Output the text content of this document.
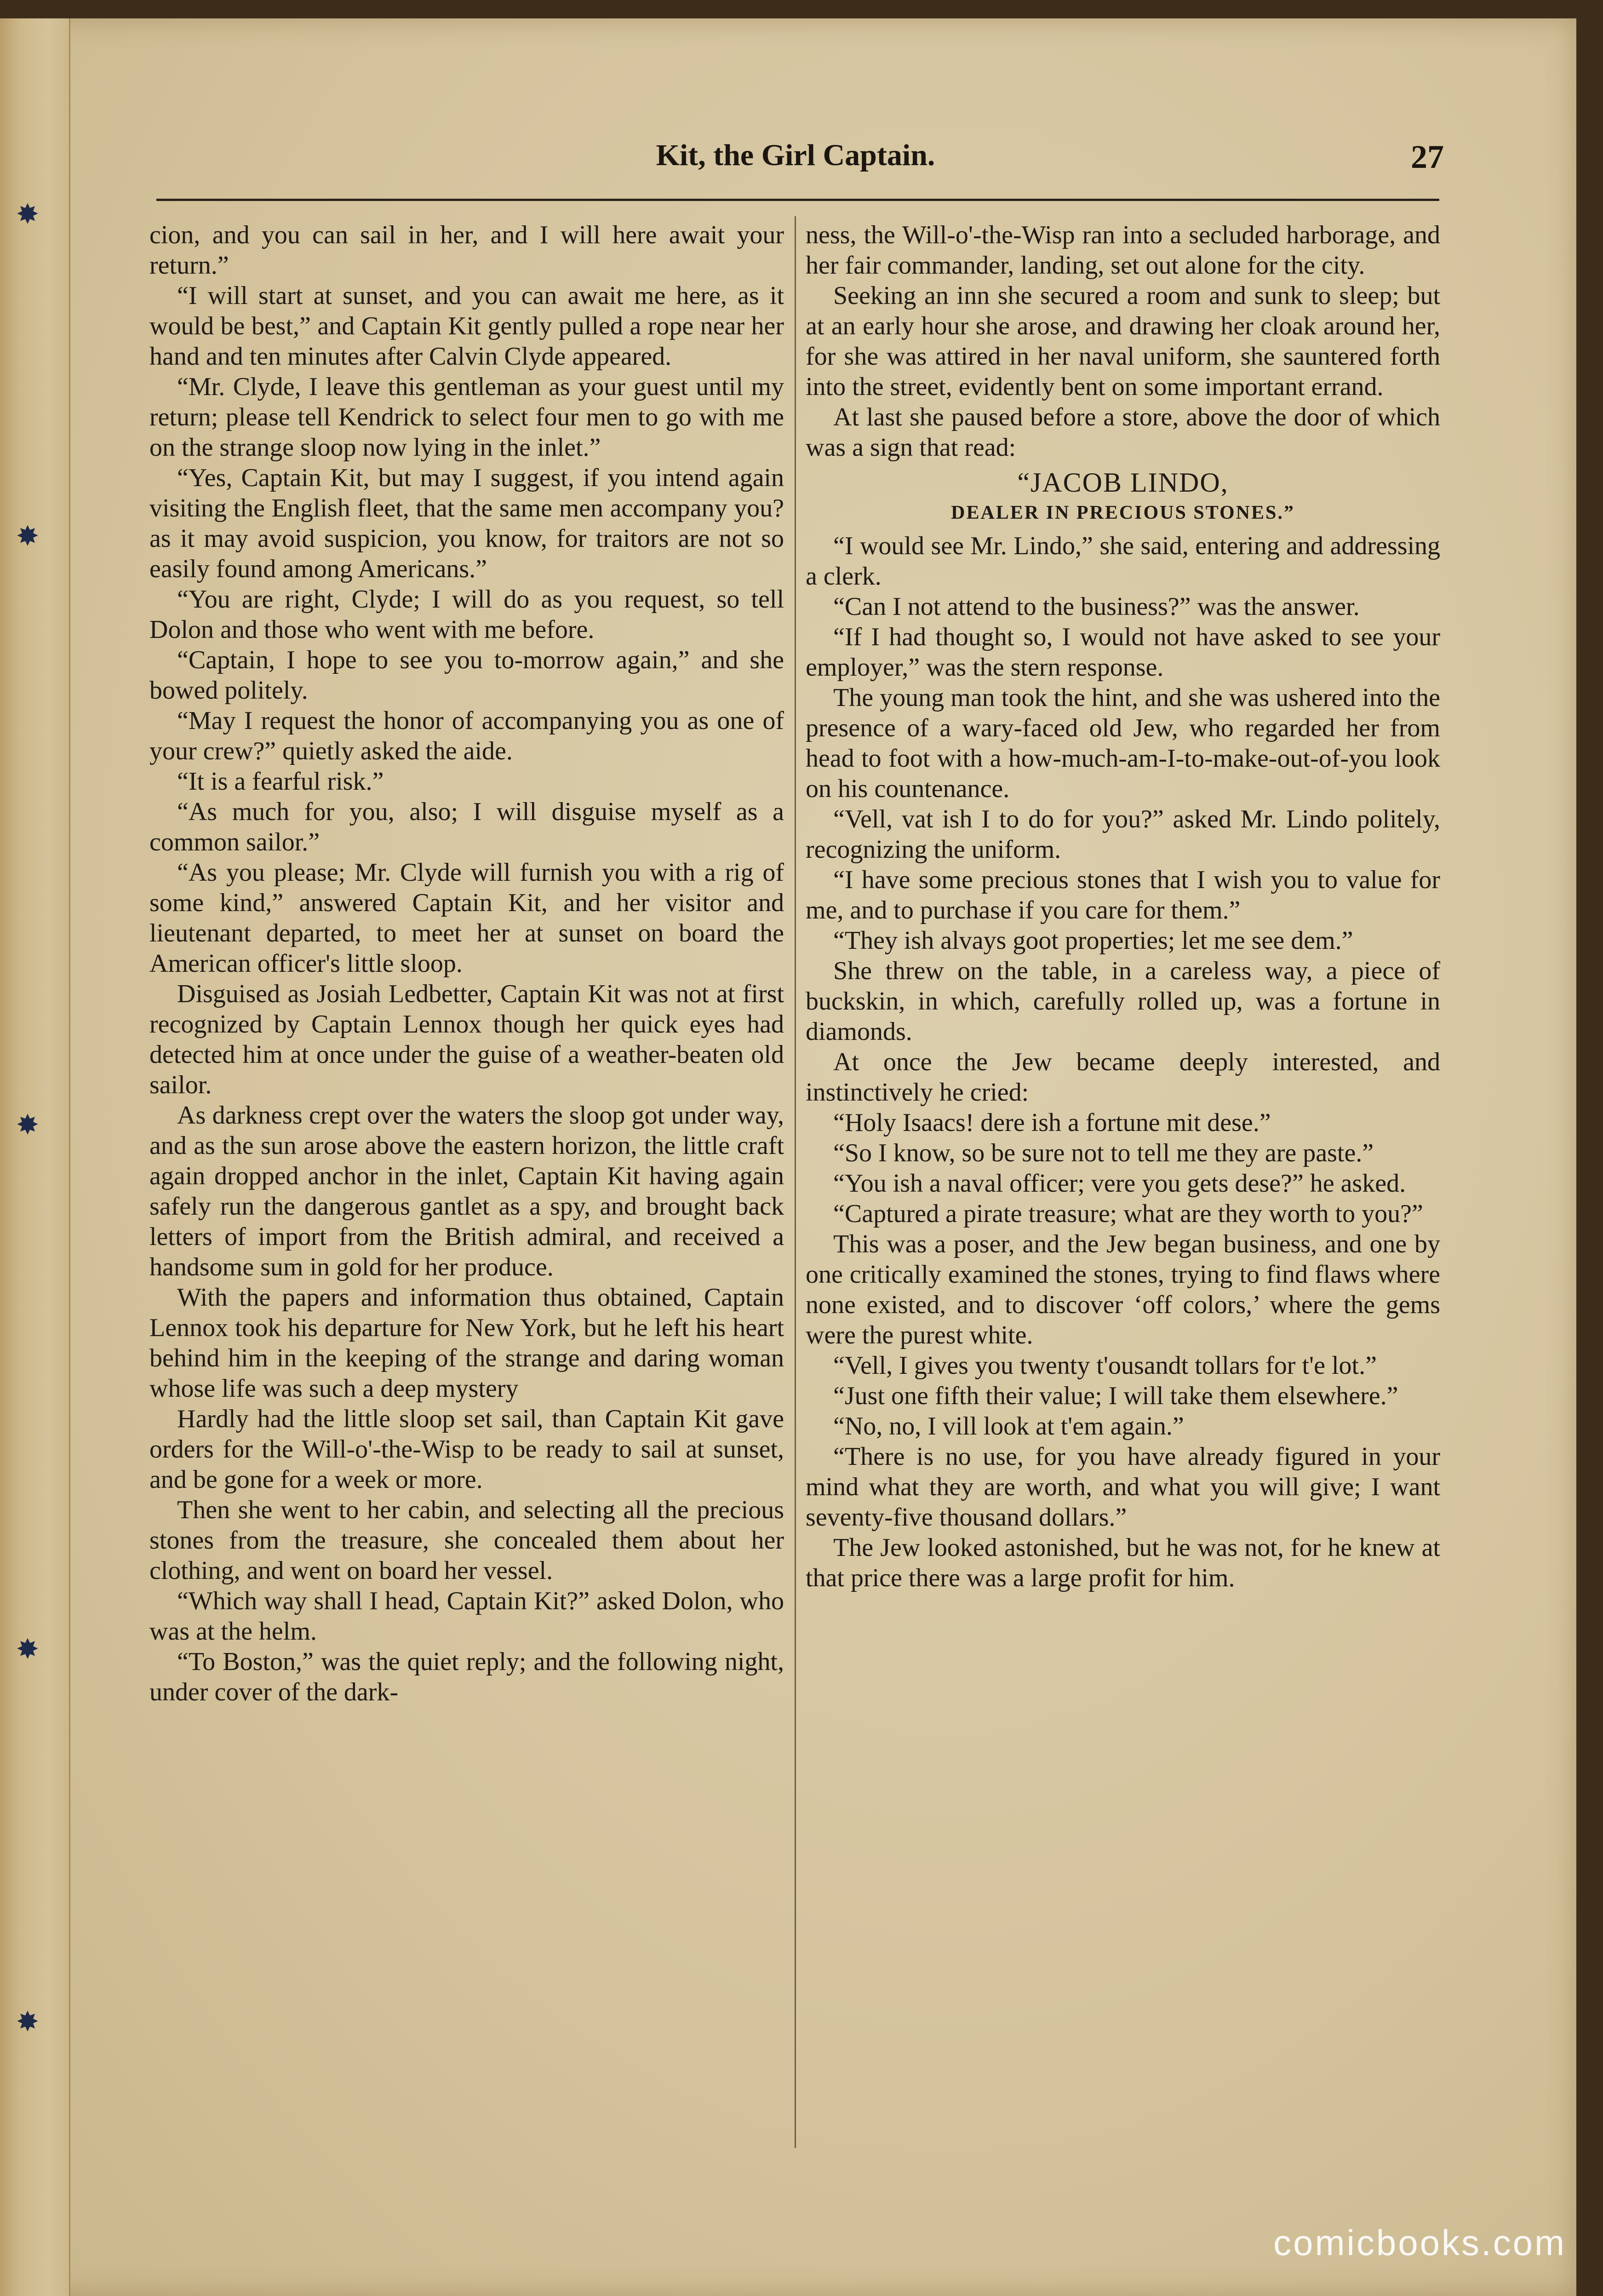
✸
✸
✸
✸
✸
Kit, the Girl Captain.	27

cion, and you can sail in her, and I will here await your return.”

“I will start at sunset, and you can await me here, as it would be best,” and Captain Kit gently pulled a rope near her hand and ten minutes after Calvin Clyde appeared.

“Mr. Clyde, I leave this gentleman as your guest until my return; please tell Kendrick to select four men to go with me on the strange sloop now lying in the inlet.”

“Yes, Captain Kit, but may I suggest, if you intend again visiting the English fleet, that the same men accompany you? as it may avoid suspicion, you know, for traitors are not so easily found among Americans.”

“You are right, Clyde; I will do as you request, so tell Dolon and those who went with me before.

“Captain, I hope to see you to-morrow again,” and she bowed politely.

“May I request the honor of accompanying you as one of your crew?” quietly asked the aide.

“It is a fearful risk.”

“As much for you, also; I will disguise myself as a common sailor.”

“As you please; Mr. Clyde will furnish you with a rig of some kind,” answered Captain Kit, and her visitor and lieutenant departed, to meet her at sunset on board the American officer's little sloop.

Disguised as Josiah Ledbetter, Captain Kit was not at first recognized by Captain Lennox though her quick eyes had detected him at once under the guise of a weather-beaten old sailor.

As darkness crept over the waters the sloop got under way, and as the sun arose above the eastern horizon, the little craft again dropped anchor in the inlet, Captain Kit having again safely run the dangerous gantlet as a spy, and brought back letters of import from the British admiral, and received a handsome sum in gold for her produce.

With the papers and information thus obtained, Captain Lennox took his departure for New York, but he left his heart behind him in the keeping of the strange and daring woman whose life was such a deep mystery

Hardly had the little sloop set sail, than Captain Kit gave orders for the Will-o'-the-Wisp to be ready to sail at sunset, and be gone for a week or more.

Then she went to her cabin, and selecting all the precious stones from the treasure, she concealed them about her clothing, and went on board her vessel.

“Which way shall I head, Captain Kit?” asked Dolon, who was at the helm.

“To Boston,” was the quiet reply; and the following night, under cover of the dark-

ness, the Will-o'-the-Wisp ran into a secluded harborage, and her fair commander, landing, set out alone for the city.

Seeking an inn she secured a room and sunk to sleep; but at an early hour she arose, and drawing her cloak around her, for she was attired in her naval uniform, she sauntered forth into the street, evidently bent on some important errand.

At last she paused before a store, above the door of which was a sign that read:

“JACOB LINDO,

DEALER IN PRECIOUS STONES.”

“I would see Mr. Lindo,” she said, entering and addressing a clerk.

“Can I not attend to the business?” was the answer.

“If I had thought so, I would not have asked to see your employer,” was the stern response.

The young man took the hint, and she was ushered into the presence of a wary-faced old Jew, who regarded her from head to foot with a how-much-am-I-to-make-out-of-you look on his countenance.

“Vell, vat ish I to do for you?” asked Mr. Lindo politely, recognizing the uniform.

“I have some precious stones that I wish you to value for me, and to purchase if you care for them.”

“They ish alvays goot properties; let me see dem.”

She threw on the table, in a careless way, a piece of buckskin, in which, carefully rolled up, was a fortune in diamonds.

At once the Jew became deeply interested, and instinctively he cried:

“Holy Isaacs! dere ish a fortune mit dese.”

“So I know, so be sure not to tell me they are paste.”

“You ish a naval officer; vere you gets dese?” he asked.

“Captured a pirate treasure; what are they worth to you?”

This was a poser, and the Jew began business, and one by one critically examined the stones, trying to find flaws where none existed, and to discover ‘off colors,’ where the gems were the purest white.

“Vell, I gives you twenty t'ousandt tollars for t'e lot.”

“Just one fifth their value; I will take them elsewhere.”

“No, no, I vill look at t'em again.”

“There is no use, for you have already figured in your mind what they are worth, and what you will give; I want seventy-five thousand dollars.”

The Jew looked astonished, but he was not, for he knew at that price there was a large profit for him.

comicbooks.com
